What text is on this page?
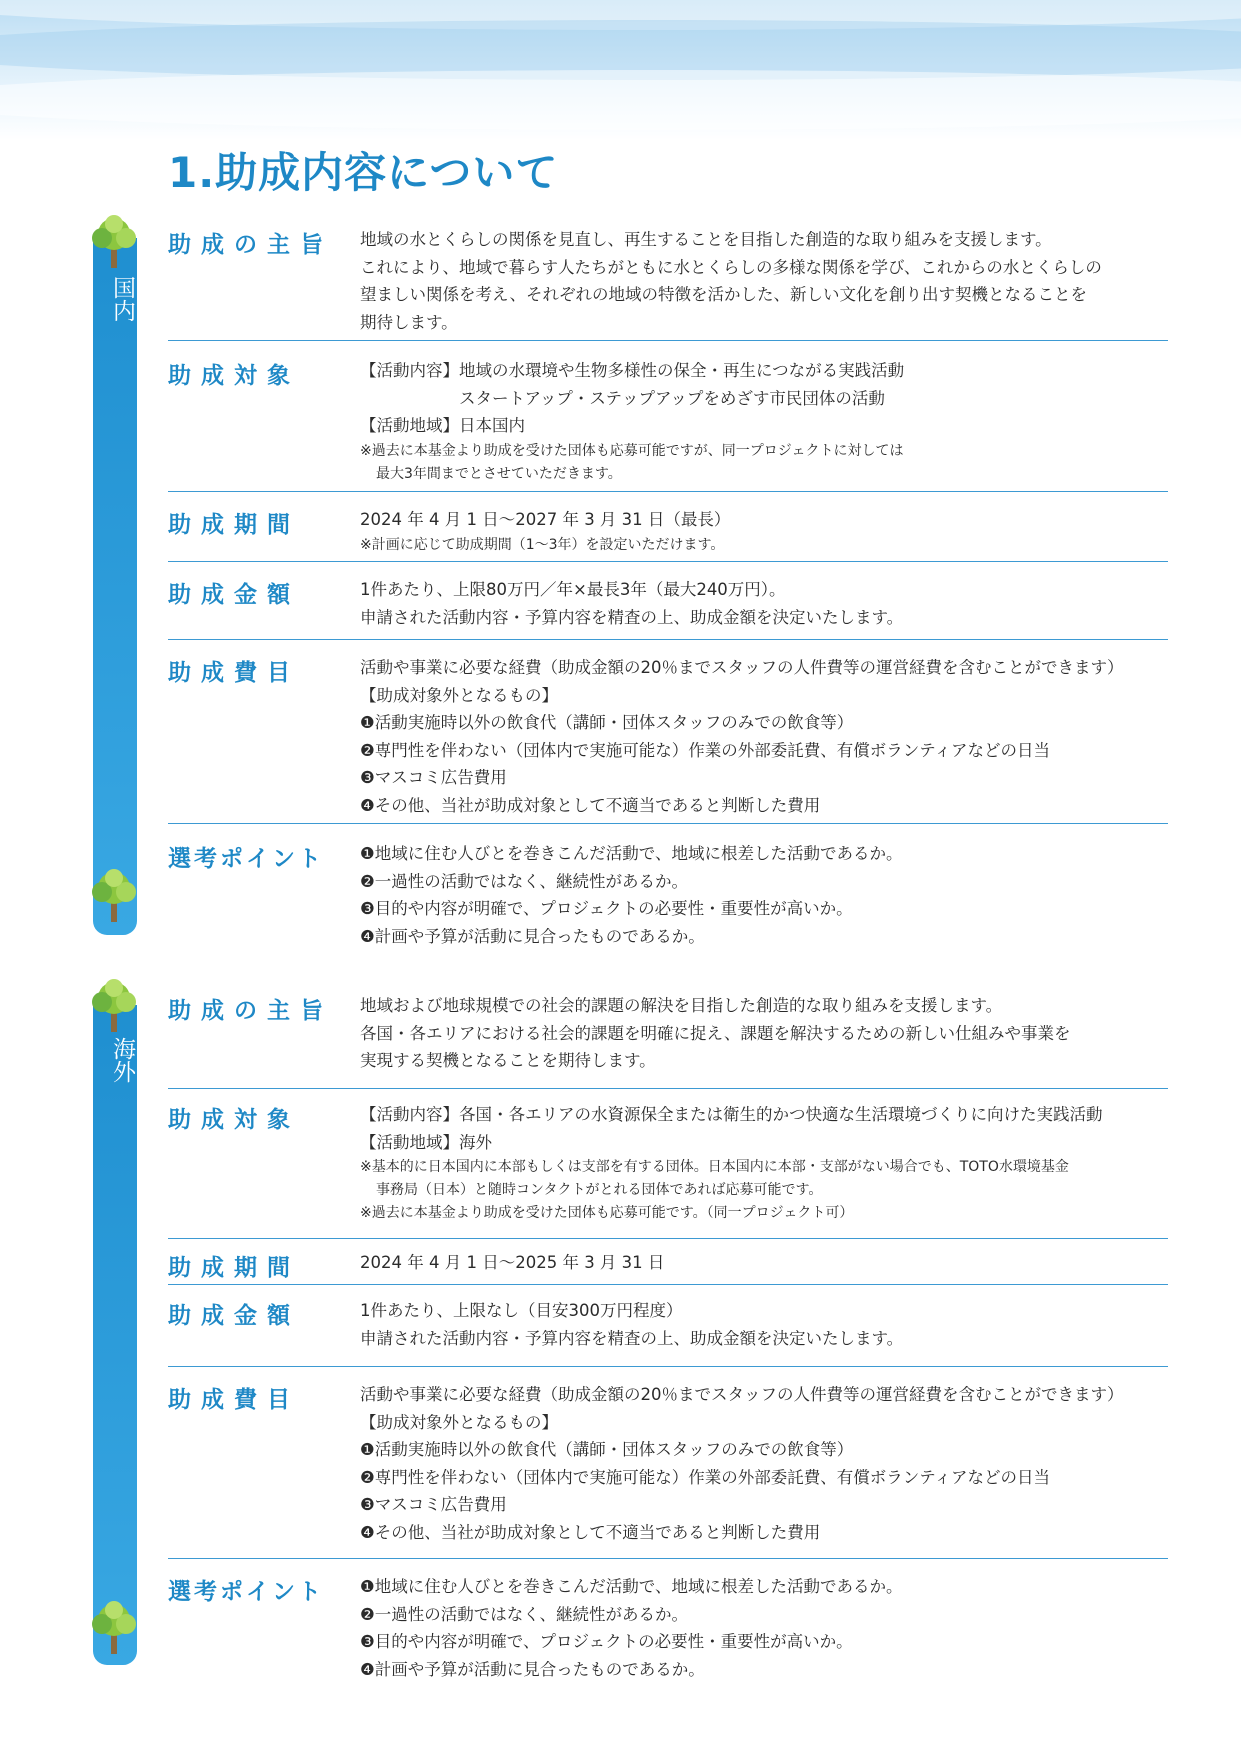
1.助成内容について
国内
海外
助成の主旨	地域の水とくらしの関係を見直し、再生することを目指した創造的な取り組みを支援します。
これにより、地域で暮らす人たちがともに水とくらしの多様な関係を学び、これからの水とくらしの
望ましい関係を考え、それぞれの地域の特徴を活かした、新しい文化を創り出す契機となることを
期待します。
助成対象	【活動内容】 地域の水環境や生物多様性の保全・再生につながる実践活動
スタートアップ・ステップアップをめざす市民団体の活動
【活動地域】 日本国内
※過去に本基金より助成を受けた団体も応募可能ですが、同一プロジェクトに対しては
最大3年間までとさせていただきます。
助成期間	2024 年 4 月 1 日〜2027 年 3 月 31 日（最長）
※計画に応じて助成期間（1〜3年）を設定いただけます。
助成金額	1件あたり、上限80万円／年×最長3年（最大240万円）。
申請された活動内容・予算内容を精査の上、助成金額を決定いたします。
助成費目	活動や事業に必要な経費（助成金額の20％までスタッフの人件費等の運営経費を含むことができます）
【助成対象外となるもの】
❶活動実施時以外の飲食代（講師・団体スタッフのみでの飲食等）
❷専門性を伴わない（団体内で実施可能な）作業の外部委託費、有償ボランティアなどの日当
❸マスコミ広告費用
❹その他、当社が助成対象として不適当であると判断した費用
選考ポイント	❶地域に住む人びとを巻きこんだ活動で、地域に根差した活動であるか。
❷一過性の活動ではなく、継続性があるか。
❸目的や内容が明確で、プロジェクトの必要性・重要性が高いか。
❹計画や予算が活動に見合ったものであるか。
助成の主旨	地域および地球規模での社会的課題の解決を目指した創造的な取り組みを支援します。
各国・各エリアにおける社会的課題を明確に捉え、課題を解決するための新しい仕組みや事業を
実現する契機となることを期待します。
助成対象	【活動内容】 各国・各エリアの水資源保全または衛生的かつ快適な生活環境づくりに向けた実践活動
【活動地域】 海外
※基本的に日本国内に本部もしくは支部を有する団体。日本国内に本部・支部がない場合でも、TOTO水環境基金
事務局（日本）と随時コンタクトがとれる団体であれば応募可能です。
※過去に本基金より助成を受けた団体も応募可能です。（同一プロジェクト可）
助成期間	2024 年 4 月 1 日〜2025 年 3 月 31 日
助成金額	1件あたり、上限なし（目安300万円程度）
申請された活動内容・予算内容を精査の上、助成金額を決定いたします。
助成費目	活動や事業に必要な経費（助成金額の20％までスタッフの人件費等の運営経費を含むことができます）
【助成対象外となるもの】
❶活動実施時以外の飲食代（講師・団体スタッフのみでの飲食等）
❷専門性を伴わない（団体内で実施可能な）作業の外部委託費、有償ボランティアなどの日当
❸マスコミ広告費用
❹その他、当社が助成対象として不適当であると判断した費用
選考ポイント	❶地域に住む人びとを巻きこんだ活動で、地域に根差した活動であるか。
❷一過性の活動ではなく、継続性があるか。
❸目的や内容が明確で、プロジェクトの必要性・重要性が高いか。
❹計画や予算が活動に見合ったものであるか。
